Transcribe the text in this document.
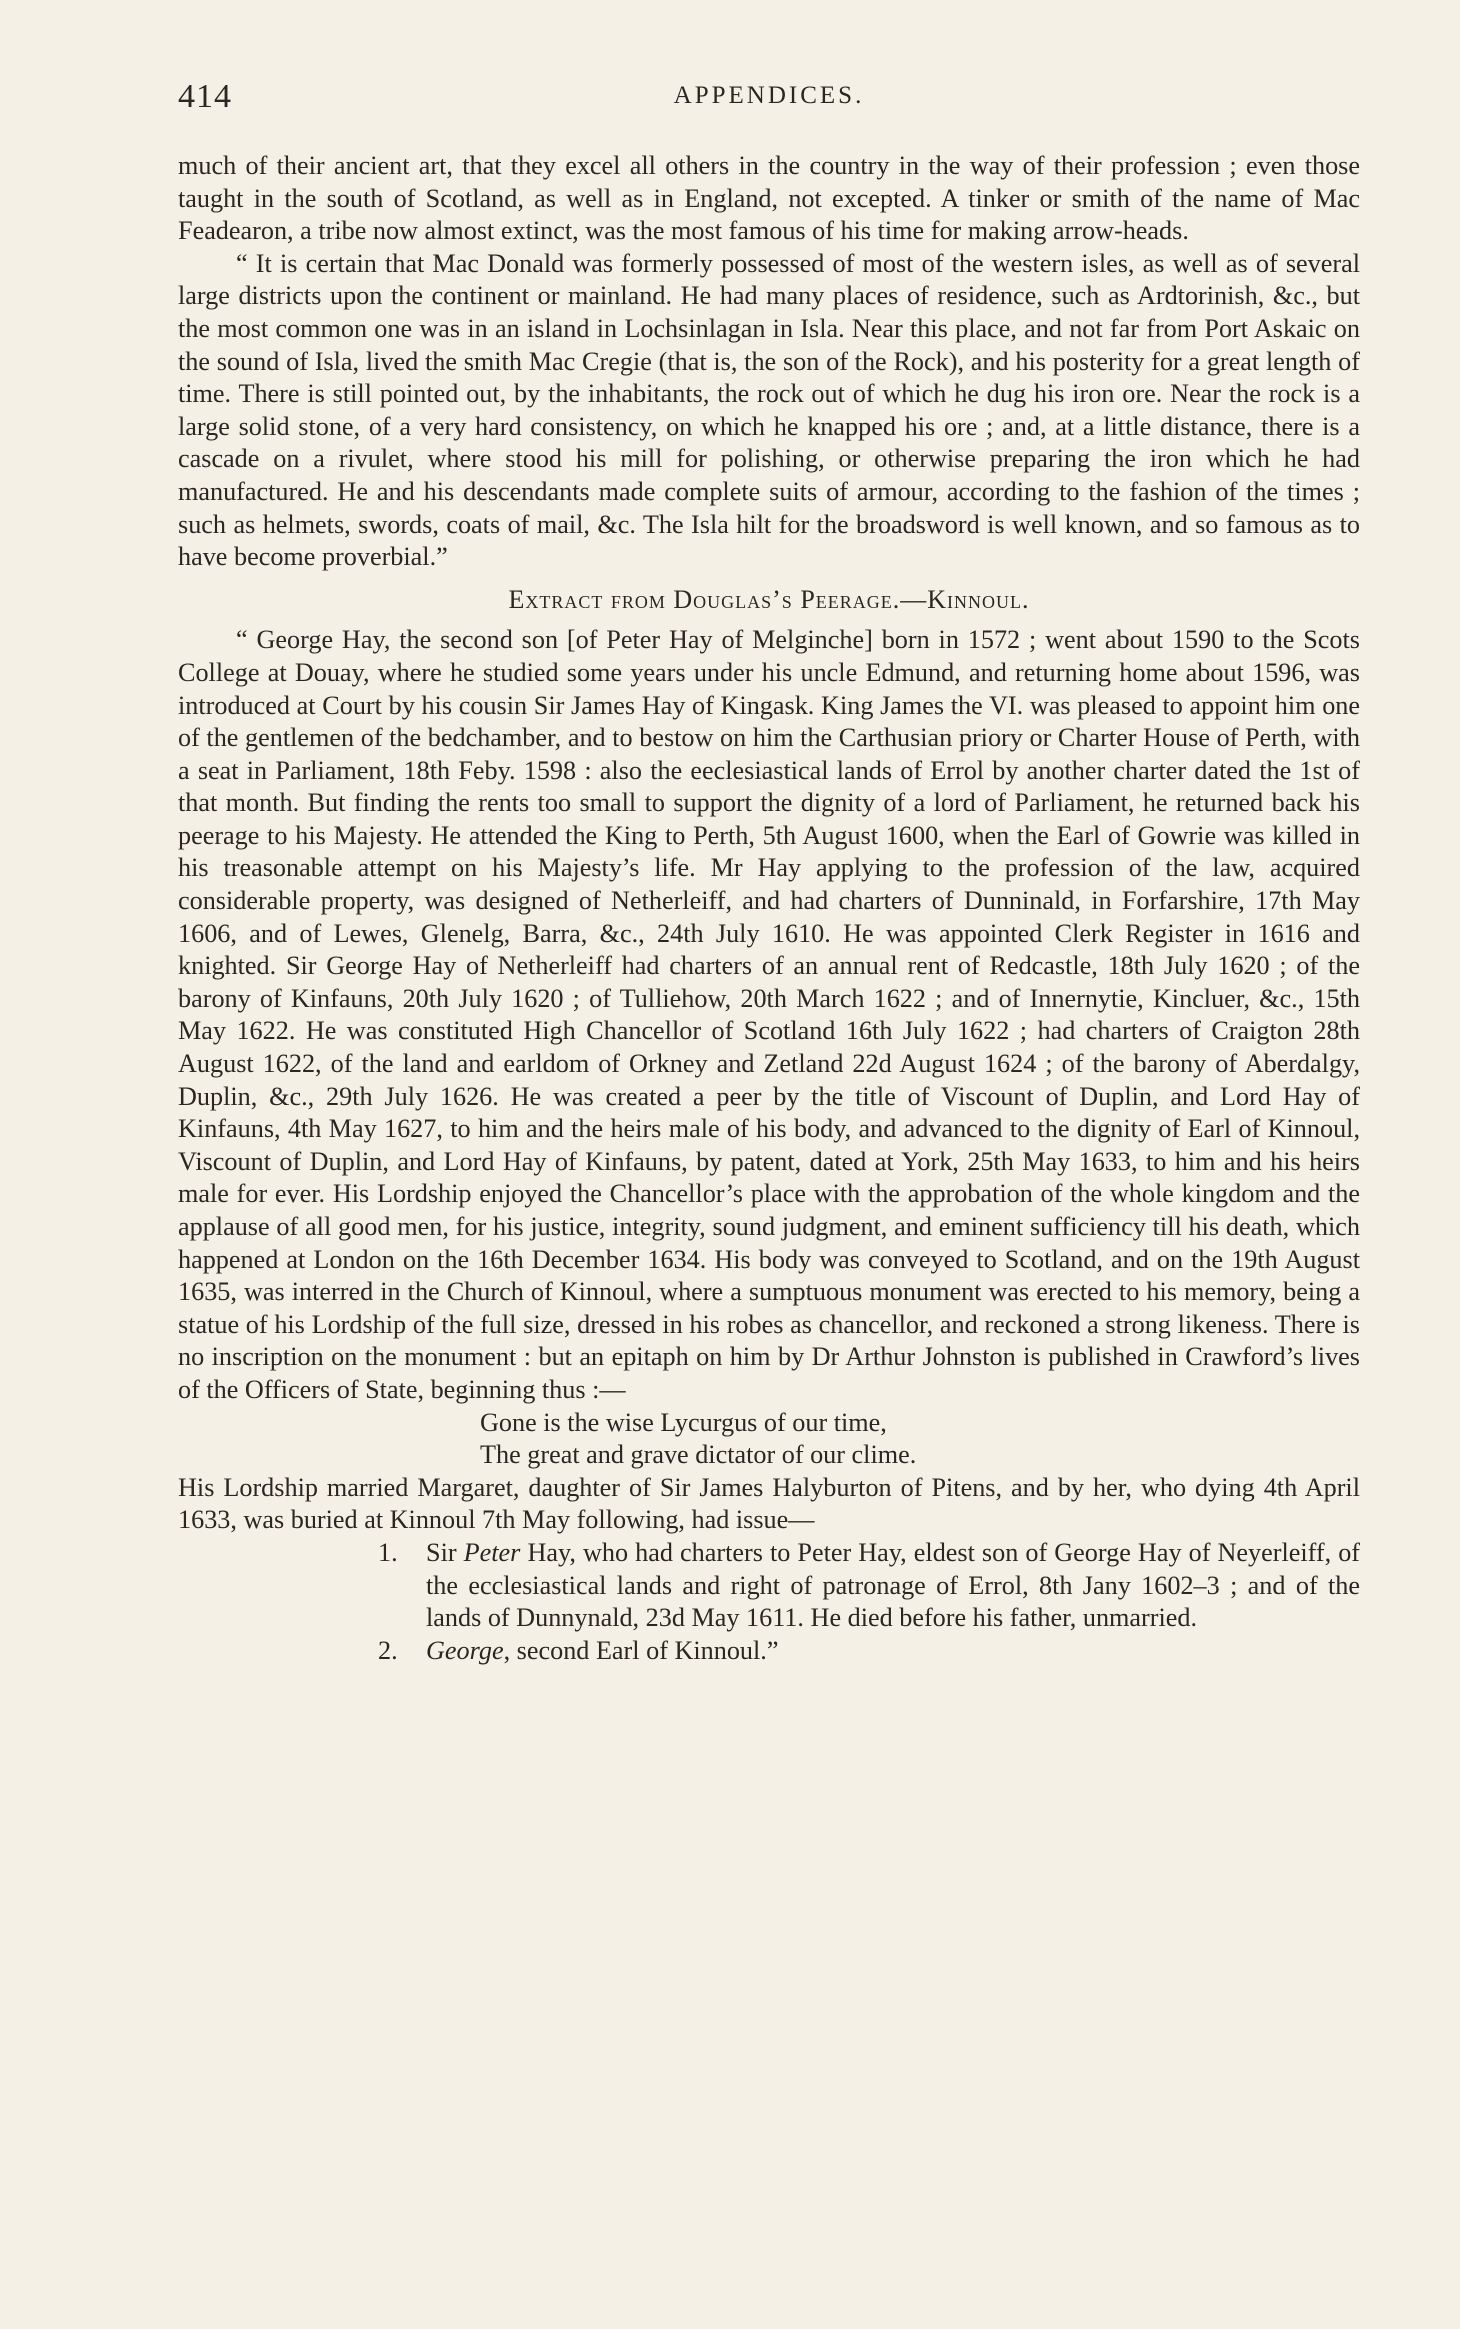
414	APPENDICES.

much of their ancient art, that they excel all others in the country in the way of their profession ; even those taught in the south of Scotland, as well as in England, not excepted. A tinker or smith of the name of Mac Feadearon, a tribe now almost extinct, was the most famous of his time for making arrow-heads.

“ It is certain that Mac Donald was formerly possessed of most of the western isles, as well as of several large districts upon the continent or mainland. He had many places of residence, such as Ardtorinish, &c., but the most common one was in an island in Lochsinlagan in Isla. Near this place, and not far from Port Askaic on the sound of Isla, lived the smith Mac Cregie (that is, the son of the Rock), and his posterity for a great length of time. There is still pointed out, by the inhabitants, the rock out of which he dug his iron ore. Near the rock is a large solid stone, of a very hard consistency, on which he knapped his ore ; and, at a little distance, there is a cascade on a rivulet, where stood his mill for polishing, or otherwise preparing the iron which he had manufactured. He and his descendants made complete suits of armour, according to the fashion of the times ; such as helmets, swords, coats of mail, &c. The Isla hilt for the broadsword is well known, and so famous as to have become proverbial.”

Extract from Douglas’s Peerage.—Kinnoul.

“ George Hay, the second son [of Peter Hay of Melginche] born in 1572 ; went about 1590 to the Scots College at Douay, where he studied some years under his uncle Edmund, and returning home about 1596, was introduced at Court by his cousin Sir James Hay of Kingask. King James the VI. was pleased to appoint him one of the gentlemen of the bedchamber, and to bestow on him the Carthusian priory or Charter House of Perth, with a seat in Parliament, 18th Feby. 1598 : also the eeclesiastical lands of Errol by another charter dated the 1st of that month. But finding the rents too small to support the dignity of a lord of Parliament, he returned back his peerage to his Majesty. He attended the King to Perth, 5th August 1600, when the Earl of Gowrie was killed in his treasonable attempt on his Majesty’s life. Mr Hay applying to the profession of the law, acquired considerable property, was designed of Netherleiff, and had charters of Dunninald, in Forfarshire, 17th May 1606, and of Lewes, Glenelg, Barra, &c., 24th July 1610. He was appointed Clerk Register in 1616 and knighted. Sir George Hay of Netherleiff had charters of an annual rent of Redcastle, 18th July 1620 ; of the barony of Kinfauns, 20th July 1620 ; of Tulliehow, 20th March 1622 ; and of Innernytie, Kincluer, &c., 15th May 1622. He was constituted High Chancellor of Scotland 16th July 1622 ; had charters of Craigton 28th August 1622, of the land and earldom of Orkney and Zetland 22d August 1624 ; of the barony of Aberdalgy, Duplin, &c., 29th July 1626. He was created a peer by the title of Viscount of Duplin, and Lord Hay of Kinfauns, 4th May 1627, to him and the heirs male of his body, and advanced to the dignity of Earl of Kinnoul, Viscount of Duplin, and Lord Hay of Kinfauns, by patent, dated at York, 25th May 1633, to him and his heirs male for ever. His Lordship enjoyed the Chancellor’s place with the approbation of the whole kingdom and the applause of all good men, for his justice, integrity, sound judgment, and eminent sufficiency till his death, which happened at London on the 16th December 1634. His body was conveyed to Scotland, and on the 19th August 1635, was interred in the Church of Kinnoul, where a sumptuous monument was erected to his memory, being a statue of his Lordship of the full size, dressed in his robes as chancellor, and reckoned a strong likeness. There is no inscription on the monument : but an epitaph on him by Dr Arthur Johnston is published in Crawford’s lives of the Officers of State, beginning thus :—

Gone is the wise Lycurgus of our time,

The great and grave dictator of our clime.

His Lordship married Margaret, daughter of Sir James Halyburton of Pitens, and by her, who dying 4th April 1633, was buried at Kinnoul 7th May following, had issue—

1. Sir Peter Hay, who had charters to Peter Hay, eldest son of George Hay of Neyerleiff, of the ecclesiastical lands and right of patronage of Errol, 8th Jany 1602–3 ; and of the lands of Dunnynald, 23d May 1611. He died before his father, unmarried.

2. George, second Earl of Kinnoul.”
